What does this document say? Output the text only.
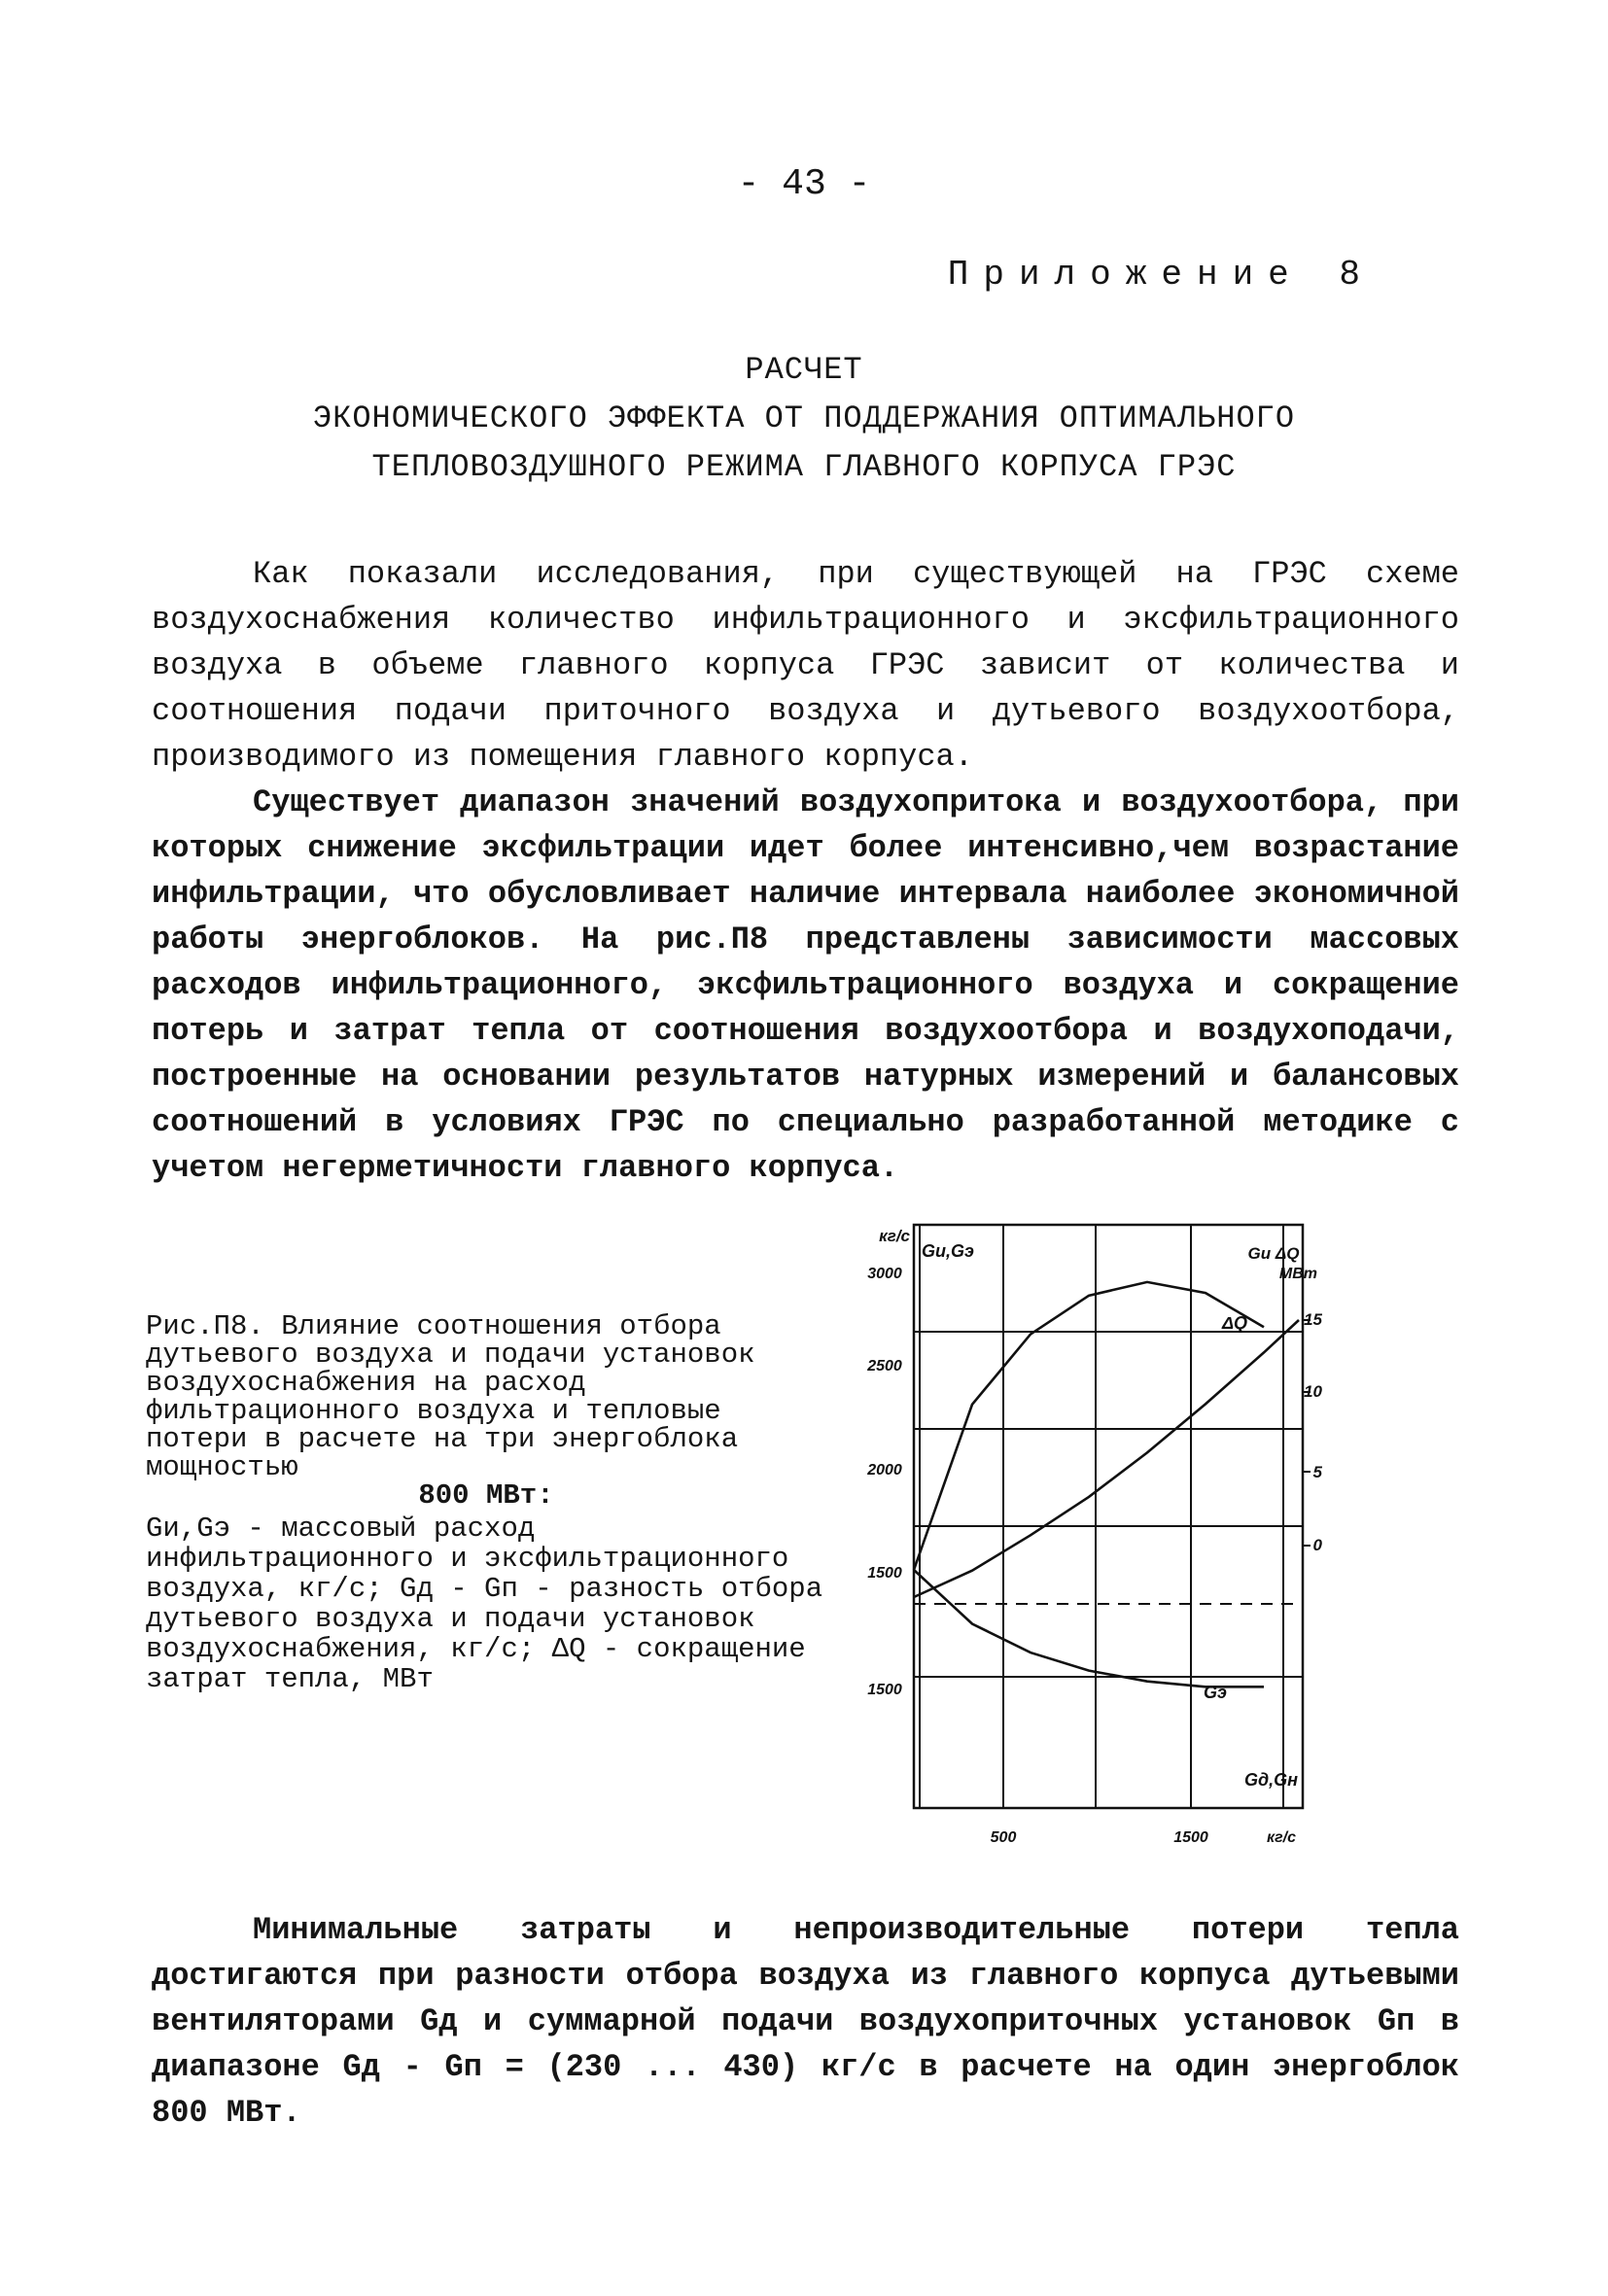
- 43 -
Приложение 8
РАСЧЕТ
ЭКОНОМИЧЕСКОГО ЭФФЕКТА ОТ ПОДДЕРЖАНИЯ ОПТИМАЛЬНОГО
ТЕПЛОВОЗДУШНОГО РЕЖИМА ГЛАВНОГО КОРПУСА ГРЭС

Как показали исследования, при существующей на ГРЭС схеме воздухоснабжения количество инфильтрационного и эксфильтрационного воздуха в объеме главного корпуса ГРЭС зависит от количества и соотношения подачи приточного воздуха и дутьевого воздухоотбора, производимого из помещения главного корпуса.

Существует диапазон значений воздухопритока и воздухоотбора, при которых снижение эксфильтрации идет более интенсивно,чем возрастание инфильтрации, что обусловливает наличие интервала наиболее экономичной работы энергоблоков. На рис.П8 представлены зависимости массовых расходов инфильтрационного, эксфильтрационного воздуха и сокращение потерь и затрат тепла от соотношения воздухоотбора и воздухоподачи, построенные на основании результатов натурных измерений и балансовых соотношений в условиях ГРЭС по специально разработанной методике с учетом негерметичности главного корпуса.

Рис.П8. Влияние соотношения отбора дутьевого воздуха и подачи установок воздухоснабжения на расход фильтрационного воздуха и тепловые потери в расчете на три энергоблока мощностью
800 МВт:
Gи,Gэ - массовый расход инфильтрационного и эксфильтрационного воздуха, кг/с; Gд - Gп - разность отбора дутьевого воздуха и подачи установок воздухоснабжения, кг/с; ΔQ - сокращение затрат тепла, МВт
кг/с
Gи,Gэ
3000
2500
2000
1500
1500
Gи ΔQ
МВт
15
10
5
0
Gд,Gн
500	1500	кг/с
ΔQ
Gэ

Минимальные затраты и непроизводительные потери тепла достигаются при разности отбора воздуха из главного корпуса дутьевыми вентиляторами Gд и суммарной подачи воздухоприточных установок Gп в диапазоне Gд - Gп = (230 ... 430) кг/с в расчете на один энергоблок 800 МВт.
